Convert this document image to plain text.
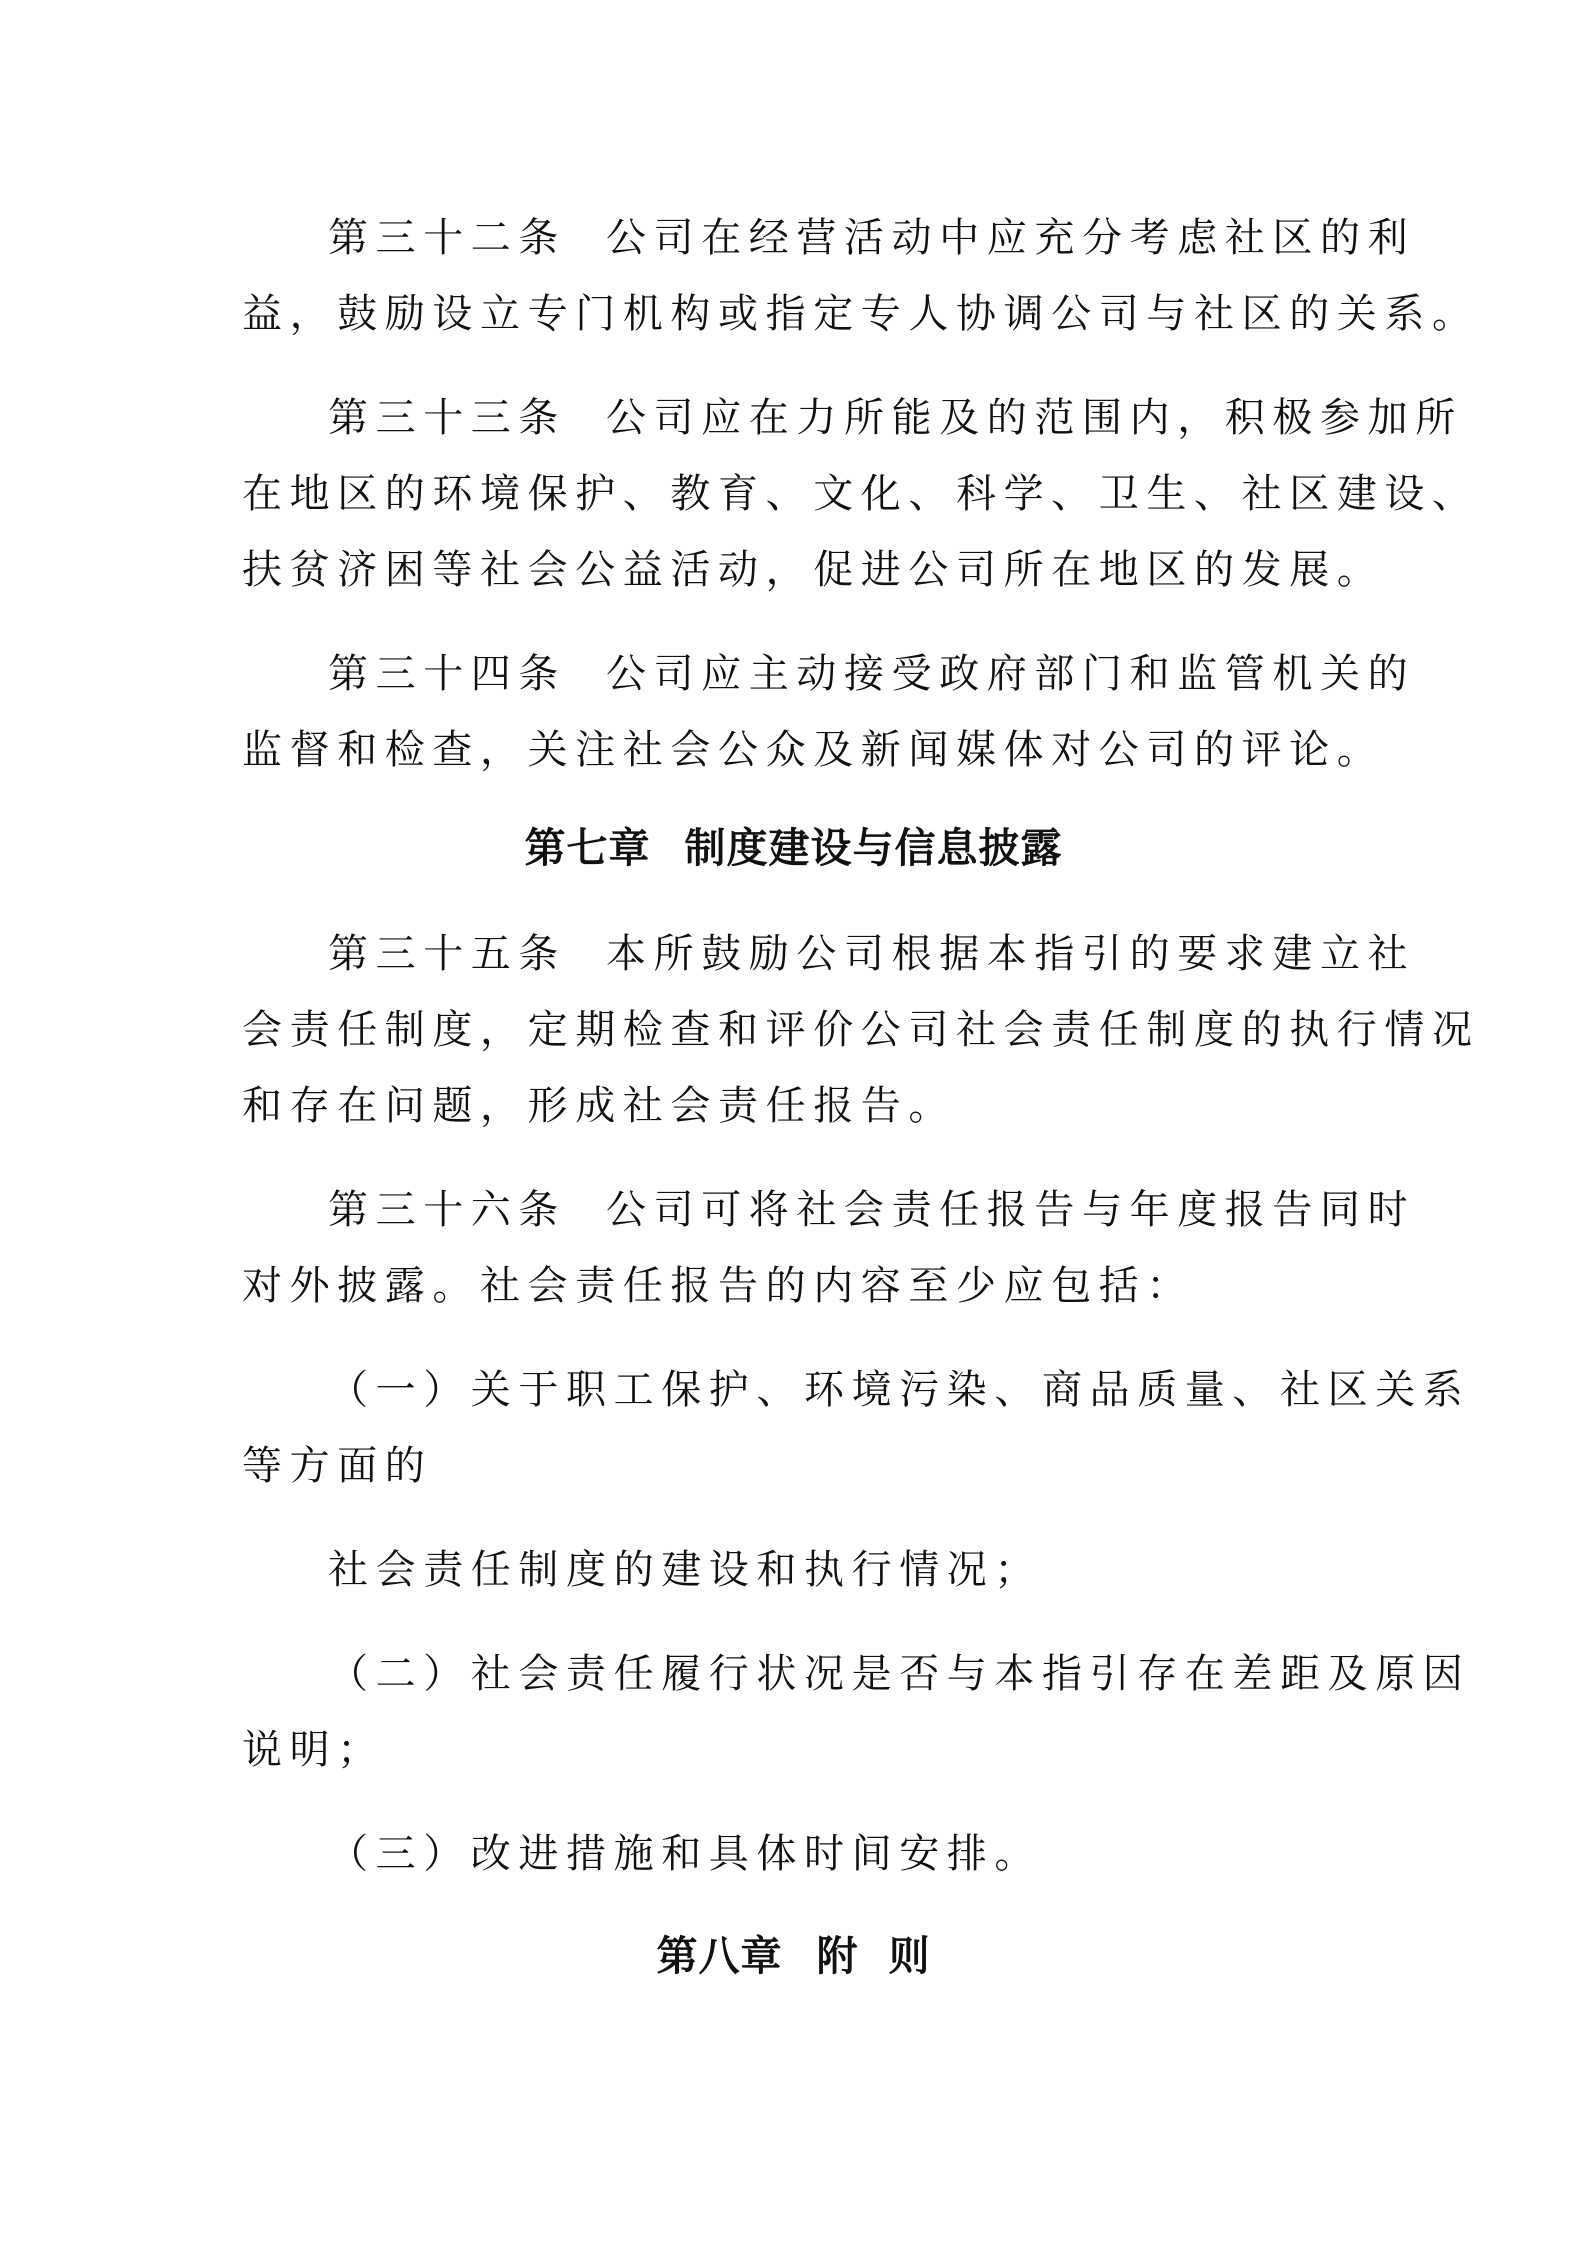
第三十二条 公司在经营活动中应充分考虑社区的利
益，鼓励设立专门机构或指定专人协调公司与社区的关系。
第三十三条 公司应在力所能及的范围内，积极参加所
在地区的环境保护、教育、文化、科学、卫生、社区建设、
扶贫济困等社会公益活动，促进公司所在地区的发展。
第三十四条 公司应主动接受政府部门和监管机关的
监督和检查，关注社会公众及新闻媒体对公司的评论。
第七章 制度建设与信息披露
第三十五条 本所鼓励公司根据本指引的要求建立社
会责任制度，定期检查和评价公司社会责任制度的执行情况
和存在问题，形成社会责任报告。
第三十六条 公司可将社会责任报告与年度报告同时
对外披露。社会责任报告的内容至少应包括：
（一）关于职工保护、环境污染、商品质量、社区关系
等方面的
社会责任制度的建设和执行情况；
（二）社会责任履行状况是否与本指引存在差距及原因
说明；
（三）改进措施和具体时间安排。
第八章 附 则
